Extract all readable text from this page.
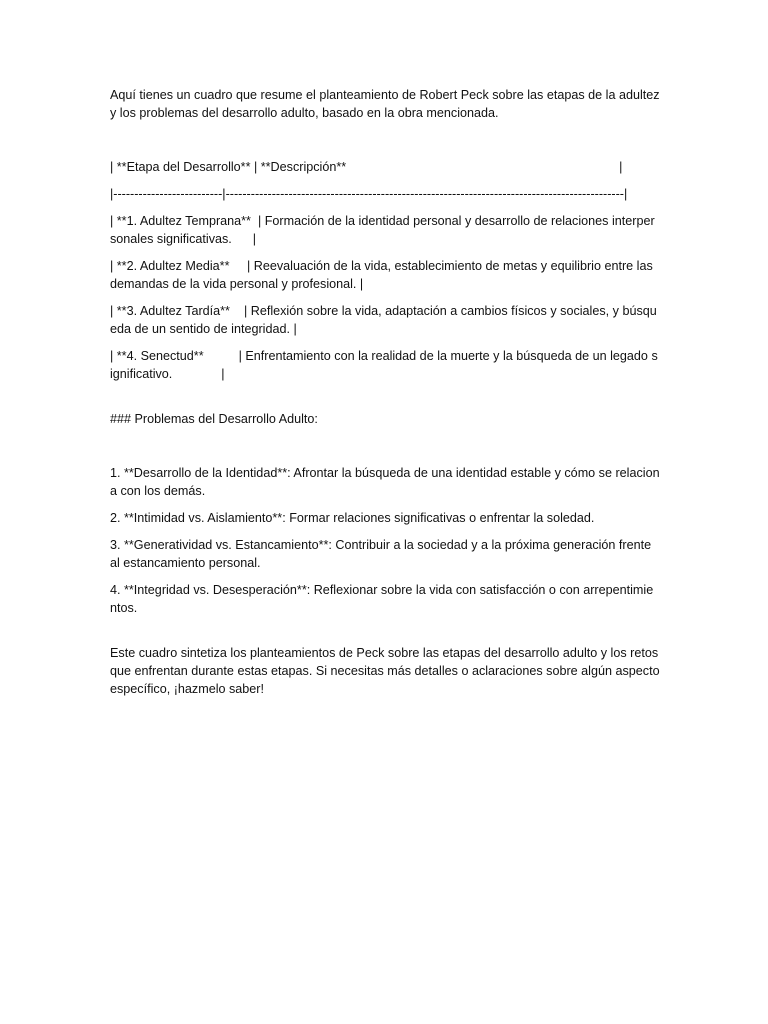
Aquí tienes un cuadro que resume el planteamiento de Robert Peck sobre las etapas de la adultez y los problemas del desarrollo adulto, basado en la obra mencionada.

| **Etapa del Desarrollo** | **Descripción**                                                                              |

|--------------------------|-----------------------------------------------------------------------------------------------|

| **1. Adultez Temprana**  | Formación de la identidad personal y desarrollo de relaciones interpersonales significativas.      |

| **2. Adultez Media**     | Reevaluación de la vida, establecimiento de metas y equilibrio entre las demandas de la vida personal y profesional. |

| **3. Adultez Tardía**    | Reflexión sobre la vida, adaptación a cambios físicos y sociales, y búsqueda de un sentido de integridad. |

| **4. Senectud**          | Enfrentamiento con la realidad de la muerte y la búsqueda de un legado significativo.              |

### Problemas del Desarrollo Adulto:

1. **Desarrollo de la Identidad**: Afrontar la búsqueda de una identidad estable y cómo se relaciona con los demás.

2. **Intimidad vs. Aislamiento**: Formar relaciones significativas o enfrentar la soledad.

3. **Generatividad vs. Estancamiento**: Contribuir a la sociedad y a la próxima generación frente al estancamiento personal.

4. **Integridad vs. Desesperación**: Reflexionar sobre la vida con satisfacción o con arrepentimientos.

Este cuadro sintetiza los planteamientos de Peck sobre las etapas del desarrollo adulto y los retos que enfrentan durante estas etapas. Si necesitas más detalles o aclaraciones sobre algún aspecto específico, ¡hazmelo saber!
